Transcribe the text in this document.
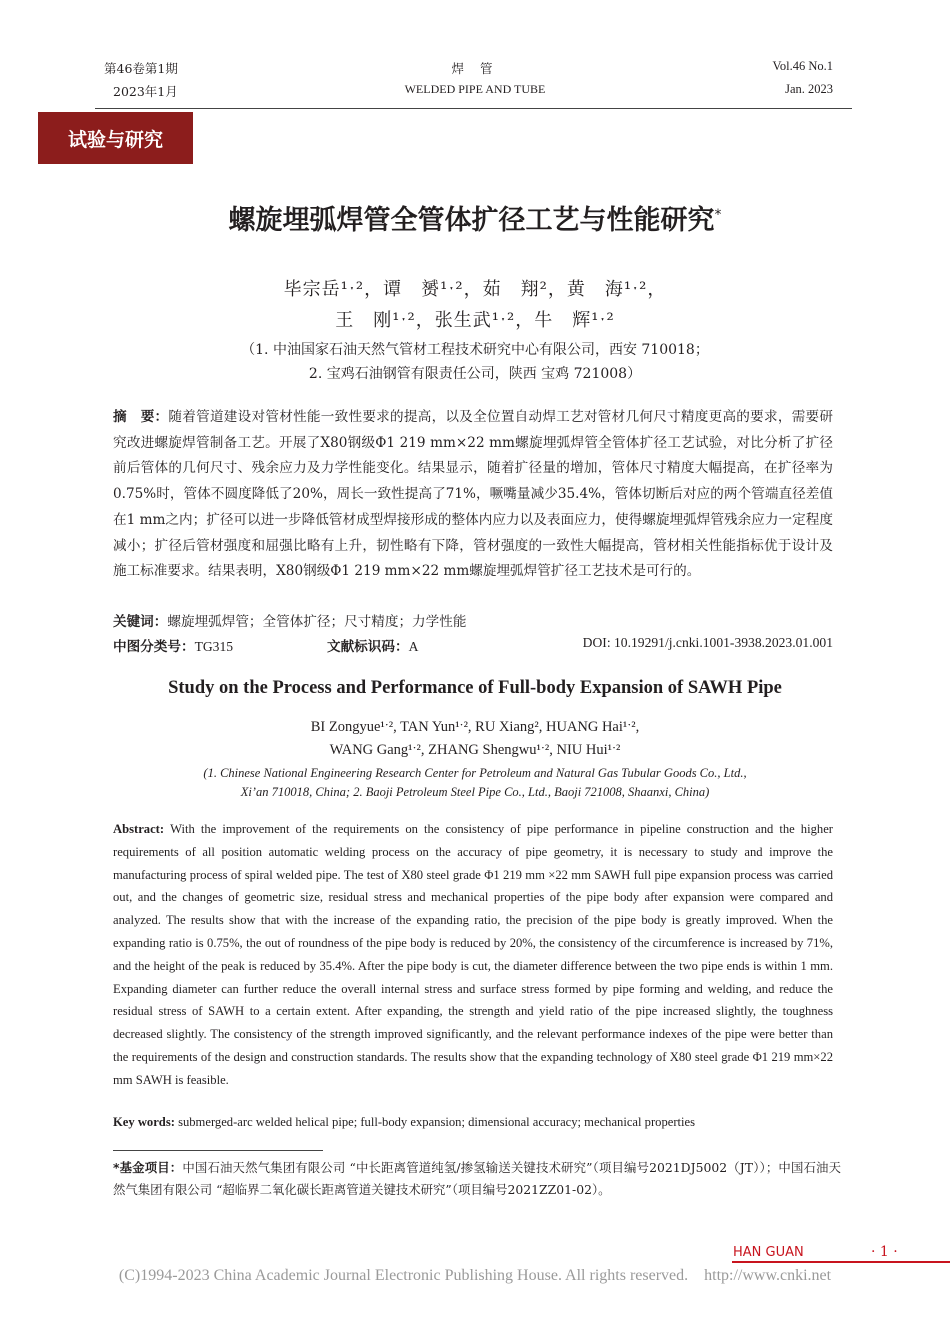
第46卷第1期
2023年1月
焊 管
WELDED PIPE AND TUBE
Vol.46 No.1
Jan. 2023
试验与研究
螺旋埋弧焊管全管体扩径工艺与性能研究*
毕宗岳¹ˑ²，谭　赟¹ˑ²，茹　翔²，黄　海¹ˑ²，
王　刚¹ˑ²，张生武¹ˑ²，牛　辉¹ˑ²
（1. 中油国家石油天然气管材工程技术研究中心有限公司，西安 710018；
2. 宝鸡石油钢管有限责任公司，陕西 宝鸡 721008）
摘　要：随着管道建设对管材性能一致性要求的提高，以及全位置自动焊工艺对管材几何尺寸精度更高的要求，需要研究改进螺旋焊管制备工艺。开展了X80钢级Φ1 219 mm×22 mm螺旋埋弧焊管全管体扩径工艺试验，对比分析了扩径前后管体的几何尺寸、残余应力及力学性能变化。结果显示，随着扩径量的增加，管体尺寸精度大幅提高，在扩径率为0.75%时，管体不圆度降低了20%，周长一致性提高了71%，噘嘴量减少35.4%，管体切断后对应的两个管端直径差值在1 mm之内；扩径可以进一步降低管材成型焊接形成的整体内应力以及表面应力，使得螺旋埋弧焊管残余应力一定程度减小；扩径后管材强度和屈强比略有上升，韧性略有下降，管材强度的一致性大幅提高，管材相关性能指标优于设计及施工标准要求。结果表明，X80钢级Φ1 219 mm×22 mm螺旋埋弧焊管扩径工艺技术是可行的。
关键词：螺旋埋弧焊管；全管体扩径；尺寸精度；力学性能
中图分类号：TG315	文献标识码：A	DOI: 10.19291/j.cnki.1001-3938.2023.01.001
Study on the Process and Performance of Full-body Expansion of SAWH Pipe
BI Zongyue¹ˑ², TAN Yun¹ˑ², RU Xiang², HUANG Hai¹ˑ²,
WANG Gang¹ˑ², ZHANG Shengwu¹ˑ², NIU Hui¹ˑ²
(1. Chinese National Engineering Research Center for Petroleum and Natural Gas Tubular Goods Co., Ltd.,
Xi’an 710018, China; 2. Baoji Petroleum Steel Pipe Co., Ltd., Baoji 721008, Shaanxi, China)
Abstract: With the improvement of the requirements on the consistency of pipe performance in pipeline construction and the higher requirements of all position automatic welding process on the accuracy of pipe geometry, it is necessary to study and improve the manufacturing process of spiral welded pipe. The test of X80 steel grade Φ1 219 mm ×22 mm SAWH full pipe expansion process was carried out, and the changes of geometric size, residual stress and mechanical properties of the pipe body after expansion were compared and analyzed. The results show that with the increase of the expanding ratio, the precision of the pipe body is greatly improved. When the expanding ratio is 0.75%, the out of roundness of the pipe body is reduced by 20%, the consistency of the circumference is increased by 71%, and the height of the peak is reduced by 35.4%. After the pipe body is cut, the diameter difference between the two pipe ends is within 1 mm. Expanding diameter can further reduce the overall internal stress and surface stress formed by pipe forming and welding, and reduce the residual stress of SAWH to a certain extent. After expanding, the strength and yield ratio of the pipe increased slightly, the toughness decreased slightly. The consistency of the strength improved significantly, and the relevant performance indexes of the pipe were better than the requirements of the design and construction standards. The results show that the expanding technology of X80 steel grade Φ1 219 mm×22 mm SAWH is feasible.
Key words: submerged-arc welded helical pipe; full-body expansion; dimensional accuracy; mechanical properties
*基金项目：中国石油天然气集团有限公司 “中长距离管道纯氢/掺氢输送关键技术研究”（项目编号2021DJ5002（JT））；中国石油天然气集团有限公司 “超临界二氧化碳长距离管道关键技术研究”（项目编号2021ZZ01-02）。
HAN GUAN	· 1 ·
(C)1994-2023 China Academic Journal Electronic Publishing House. All rights reserved.    http://www.cnki.net
